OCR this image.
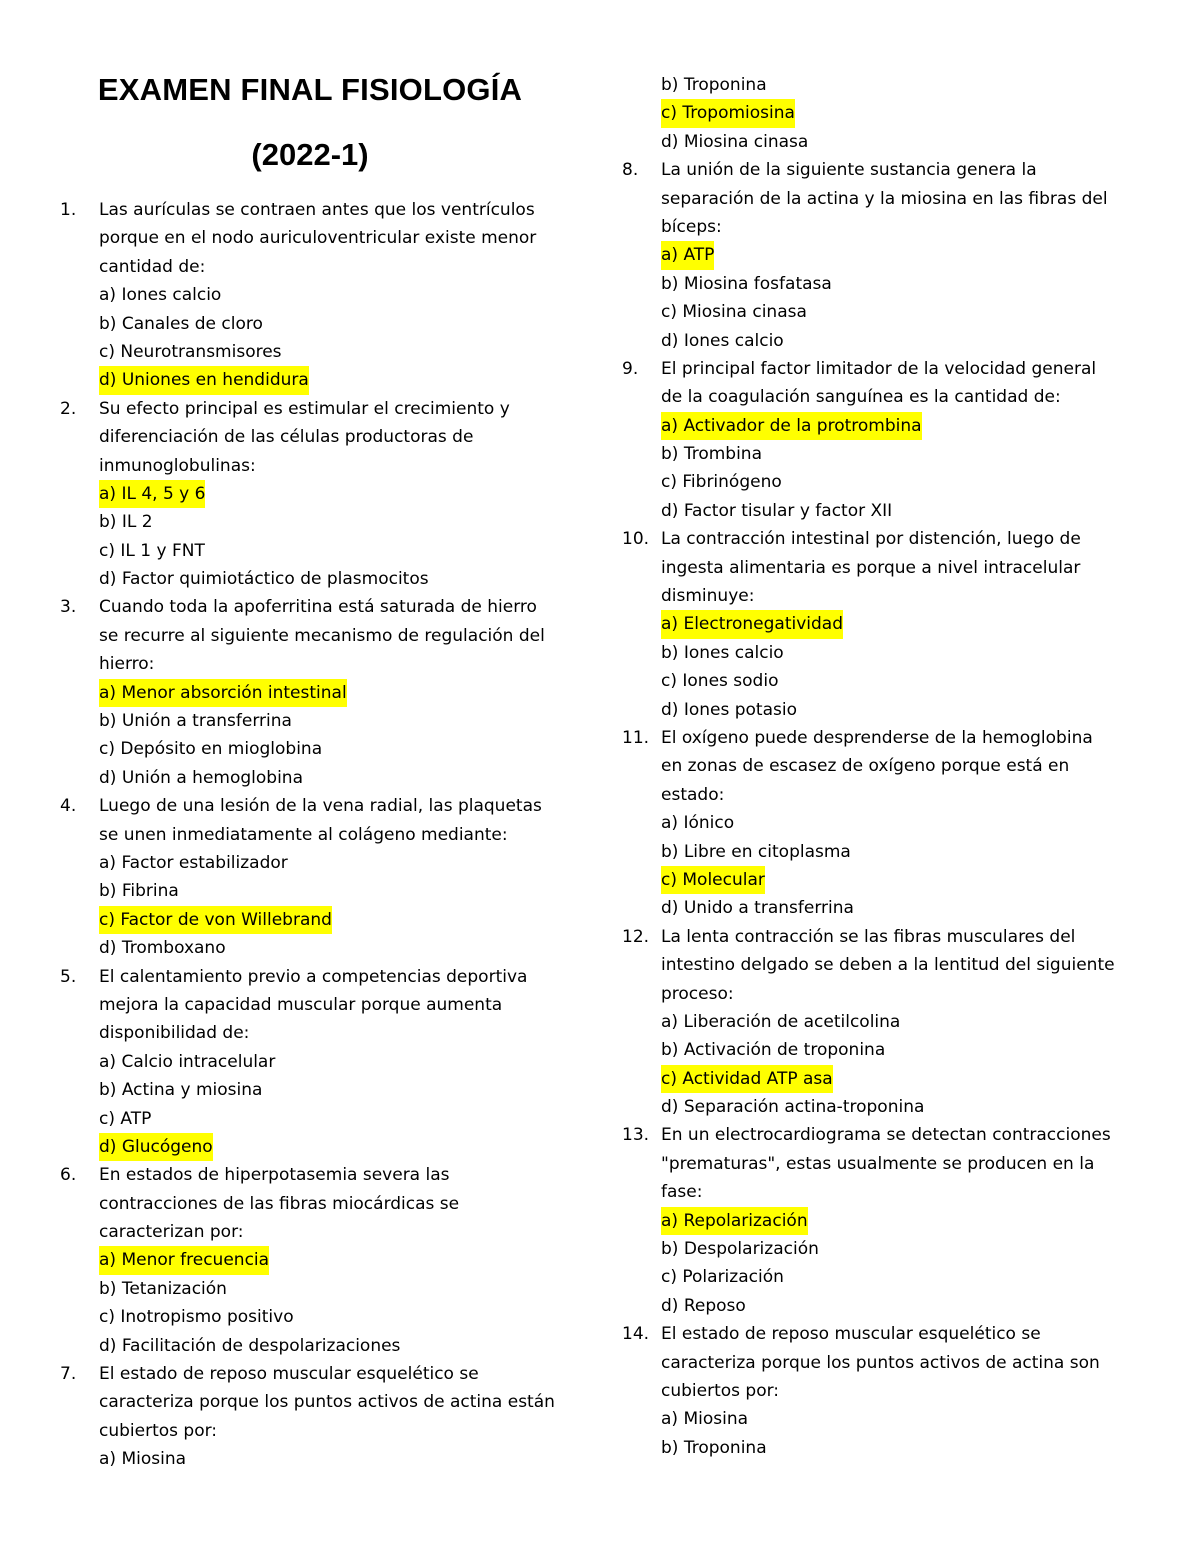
EXAMEN FINAL FISIOLOGÍA
(2022-1)
1. Las aurículas se contraen antes que los ventrículos
porque en el nodo auriculoventricular existe menor
cantidad de:
a) Iones calcio
b) Canales de cloro
c) Neurotransmisores
d) Uniones en hendidura
2. Su efecto principal es estimular el crecimiento y
diferenciación de las células productoras de
inmunoglobulinas:
a) IL 4, 5 y 6
b) IL 2
c) IL 1 y FNT
d) Factor quimiotáctico de plasmocitos
3. Cuando toda la apoferritina está saturada de hierro
se recurre al siguiente mecanismo de regulación del
hierro:
a) Menor absorción intestinal
b) Unión a transferrina
c) Depósito en mioglobina
d) Unión a hemoglobina
4. Luego de una lesión de la vena radial, las plaquetas
se unen inmediatamente al colágeno mediante:
a) Factor estabilizador
b) Fibrina
c) Factor de von Willebrand
d) Tromboxano
5. El calentamiento previo a competencias deportiva
mejora la capacidad muscular porque aumenta
disponibilidad de:
a) Calcio intracelular
b) Actina y miosina
c) ATP
d) Glucógeno
6. En estados de hiperpotasemia severa las
contracciones de las fibras miocárdicas se
caracterizan por:
a) Menor frecuencia
b) Tetanización
c) Inotropismo positivo
d) Facilitación de despolarizaciones
7. El estado de reposo muscular esquelético se
caracteriza porque los puntos activos de actina están
cubiertos por:
a) Miosina
b) Troponina
c) Tropomiosina
d) Miosina cinasa
8. La unión de la siguiente sustancia genera la
separación de la actina y la miosina en las fibras del
bíceps:
a) ATP
b) Miosina fosfatasa
c) Miosina cinasa
d) Iones calcio
9. El principal factor limitador de la velocidad general
de la coagulación sanguínea es la cantidad de:
a) Activador de la protrombina
b) Trombina
c) Fibrinógeno
d) Factor tisular y factor XII
10. La contracción intestinal por distención, luego de
ingesta alimentaria es porque a nivel intracelular
disminuye:
a) Electronegatividad
b) Iones calcio
c) Iones sodio
d) Iones potasio
11. El oxígeno puede desprenderse de la hemoglobina
en zonas de escasez de oxígeno porque está en
estado:
a) Iónico
b) Libre en citoplasma
c) Molecular
d) Unido a transferrina
12. La lenta contracción se las fibras musculares del
intestino delgado se deben a la lentitud del siguiente
proceso:
a) Liberación de acetilcolina
b) Activación de troponina
c) Actividad ATP asa
d) Separación actina-troponina
13. En un electrocardiograma se detectan contracciones
"prematuras", estas usualmente se producen en la
fase:
a) Repolarización
b) Despolarización
c) Polarización
d) Reposo
14. El estado de reposo muscular esquelético se
caracteriza porque los puntos activos de actina son
cubiertos por:
a) Miosina
b) Troponina
